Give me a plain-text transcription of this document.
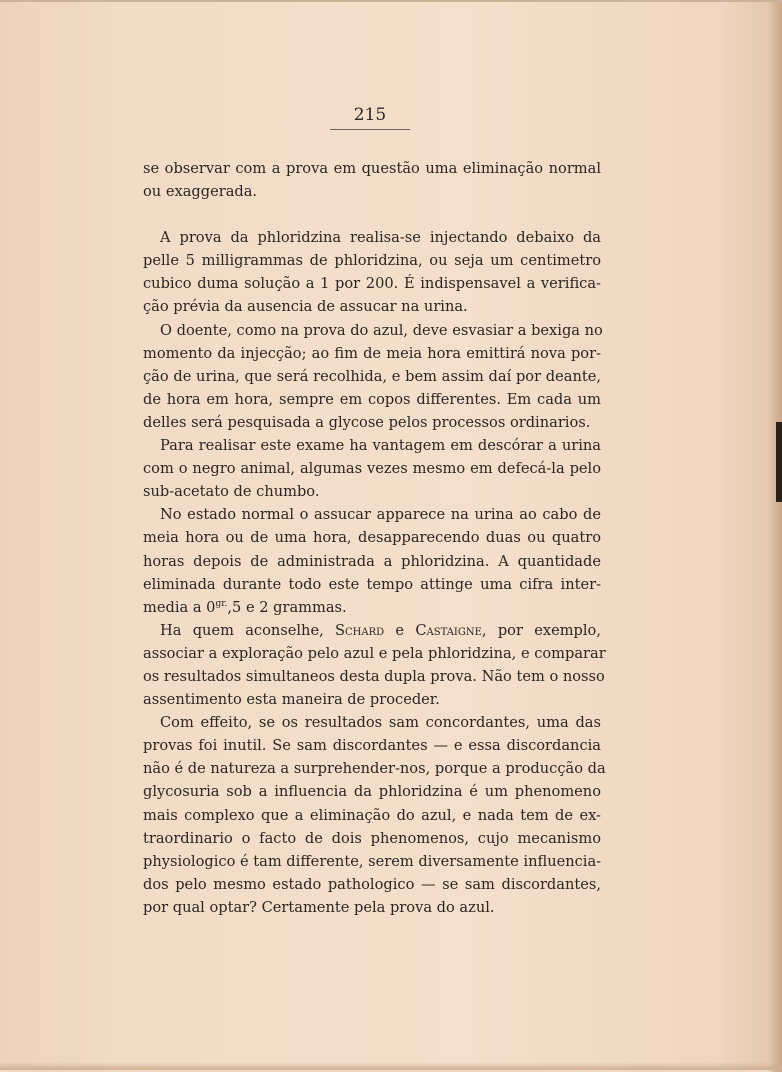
215
se observar com a prova em questão uma eliminação normal
ou exaggerada.
A prova da phloridzina realisa-se injectando debaixo da
pelle 5 milligrammas de phloridzina, ou seja um centimetro
cubico duma solução a 1 por 200. É indispensavel a verifica-
ção prévia da ausencia de assucar na urina.
O doente, como na prova do azul, deve esvasiar a bexiga no
momento da injecção; ao fim de meia hora emittirá nova por-
ção de urina, que será recolhida, e bem assim daí por deante,
de hora em hora, sempre em copos differentes. Em cada um
delles será pesquisada a glycose pelos processos ordinarios.
Para realisar este exame ha vantagem em descórar a urina
com o negro animal, algumas vezes mesmo em defecá-la pelo
sub-acetato de chumbo.
No estado normal o assucar apparece na urina ao cabo de
meia hora ou de uma hora, desapparecendo duas ou quatro
horas depois de administrada a phloridzina. A quantidade
eliminada durante todo este tempo attinge uma cifra inter-
media a $0^{gr.},5$ e 2 grammas.
Ha quem aconselhe, Schard e Castaigne, por exemplo,
associar a exploração pelo azul e pela phloridzina, e comparar
os resultados simultaneos desta dupla prova. Não tem o nosso
assentimento esta maneira de proceder.
Com effeito, se os resultados sam concordantes, uma das
provas foi inutil. Se sam discordantes — e essa discordancia
não é de natureza a surprehender-nos, porque a producção da
glycosuria sob a influencia da phloridzina é um phenomeno
mais complexo que a eliminação do azul, e nada tem de ex-
traordinario o facto de dois phenomenos, cujo mecanismo
physiologico é tam differente, serem diversamente influencia-
dos pelo mesmo estado pathologico — se sam discordantes,
por qual optar? Certamente pela prova do azul.
